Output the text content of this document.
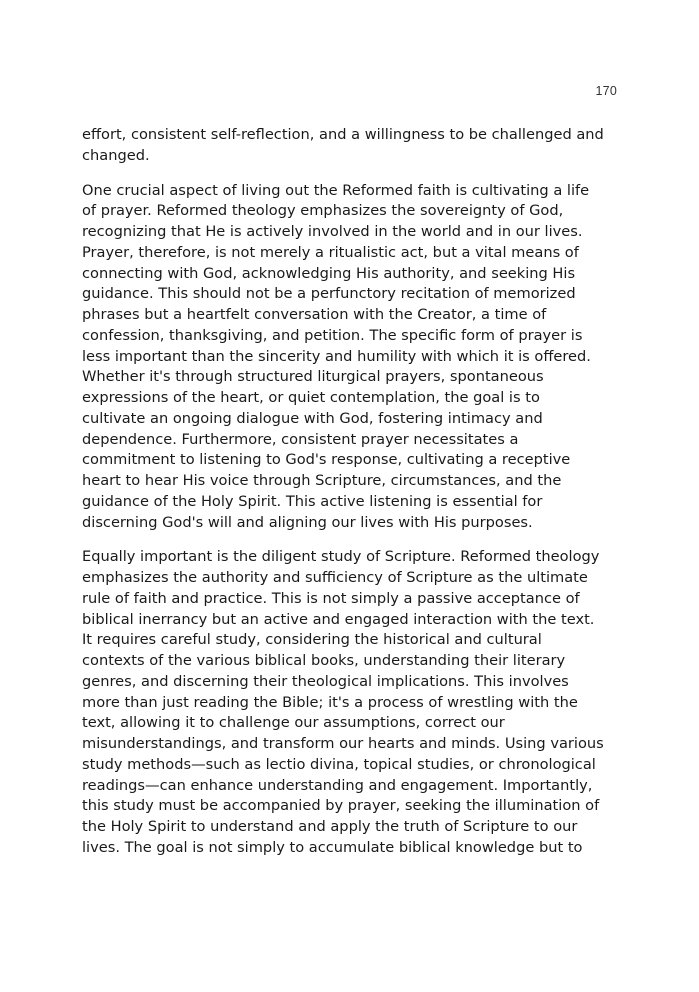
170

effort, consistent self-reflection, and a willingness to be challenged and
changed.

One crucial aspect of living out the Reformed faith is cultivating a life
of prayer. Reformed theology emphasizes the sovereignty of God,
recognizing that He is actively involved in the world and in our lives.
Prayer, therefore, is not merely a ritualistic act, but a vital means of
connecting with God, acknowledging His authority, and seeking His
guidance. This should not be a perfunctory recitation of memorized
phrases but a heartfelt conversation with the Creator, a time of
confession, thanksgiving, and petition. The specific form of prayer is
less important than the sincerity and humility with which it is offered.
Whether it's through structured liturgical prayers, spontaneous
expressions of the heart, or quiet contemplation, the goal is to
cultivate an ongoing dialogue with God, fostering intimacy and
dependence. Furthermore, consistent prayer necessitates a
commitment to listening to God's response, cultivating a receptive
heart to hear His voice through Scripture, circumstances, and the
guidance of the Holy Spirit. This active listening is essential for
discerning God's will and aligning our lives with His purposes.

Equally important is the diligent study of Scripture. Reformed theology
emphasizes the authority and sufficiency of Scripture as the ultimate
rule of faith and practice. This is not simply a passive acceptance of
biblical inerrancy but an active and engaged interaction with the text.
It requires careful study, considering the historical and cultural
contexts of the various biblical books, understanding their literary
genres, and discerning their theological implications. This involves
more than just reading the Bible; it's a process of wrestling with the
text, allowing it to challenge our assumptions, correct our
misunderstandings, and transform our hearts and minds. Using various
study methods—such as lectio divina, topical studies, or chronological
readings—can enhance understanding and engagement. Importantly,
this study must be accompanied by prayer, seeking the illumination of
the Holy Spirit to understand and apply the truth of Scripture to our
lives. The goal is not simply to accumulate biblical knowledge but to
